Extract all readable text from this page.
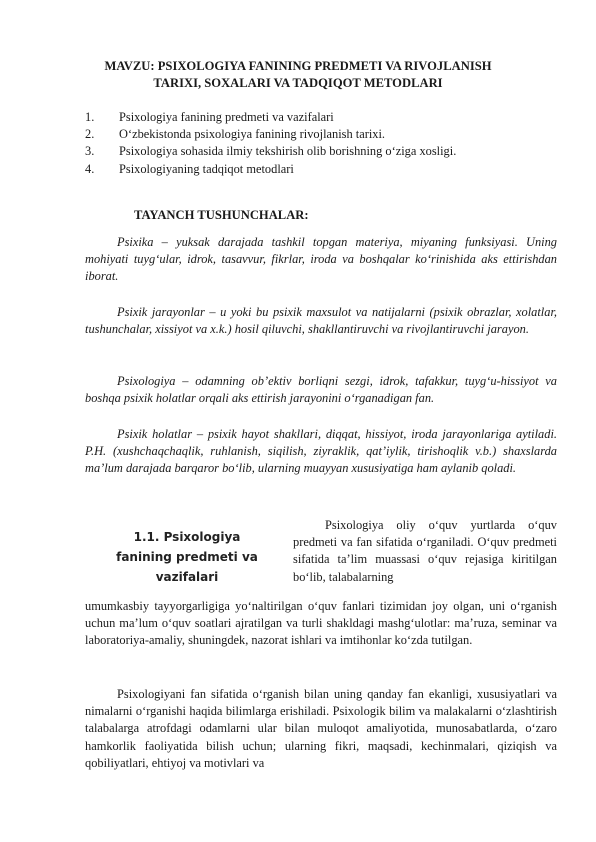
MAVZU: PSIXOLOGIYA FANINING PREDMETI VA RIVOJLANISH TARIXI, SOXALARI VA TADQIQOT METODLARI
1. Psixologiya fanining predmeti va vazifalari
2. O‘zbekistonda psixologiya fanining rivojlanish tarixi.
3. Psixologiya sohasida ilmiy tekshirish olib borishning o‘ziga xosligi.
4. Psixologiyaning tadqiqot metodlari
TAYANCH TUSHUNCHALAR:
Psixika – yuksak darajada tashkil topgan materiya, miyaning funksiyasi. Uning mohiyati tuyg‘ular, idrok, tasavvur, fikrlar, iroda va boshqalar ko‘rinishida aks ettirishdan iborat.
Psixik jarayonlar – u yoki bu psixik maxsulot va natijalarni (psixik obrazlar, xolatlar, tushunchalar, xissiyot va x.k.) hosil qiluvchi, shakllantiruvchi va rivojlantiruvchi jarayon.
Psixologiya – odamning ob’ektiv borliqni sezgi, idrok, tafakkur, tuyg‘u-hissiyot va boshqa psixik holatlar orqali aks ettirish jarayonini o‘rganadigan fan.
Psixik holatlar – psixik hayot shakllari, diqqat, hissiyot, iroda jarayonlariga aytiladi. P.H. (xushchaqchaqlik, ruhlanish, siqilish, ziyraklik, qat’iylik, tirishoqlik v.b.) shaxslarda ma’lum darajada barqaror bo‘lib, ularning muayyan xususiyatiga ham aylanib qoladi.
1.1. Psixologiya fanining predmeti va vazifalari
Psixologiya oliy o‘quv yurtlarda o‘quv predmeti va fan sifatida o‘rganiladi. O‘quv predmeti sifatida ta’lim muassasi o‘quv rejasiga kiritilgan bo‘lib, talabalarning
umumkasbiy tayyorgarligiga yo‘naltirilgan o‘quv fanlari tizimidan joy olgan, uni o‘rganish uchun ma’lum o‘quv soatlari ajratilgan va turli shakldagi mashg‘ulotlar: ma’ruza, seminar va laboratoriya-amaliy, shuningdek, nazorat ishlari va imtihonlar ko‘zda tutilgan.
Psixologiyani fan sifatida o‘rganish bilan uning qanday fan ekanligi, xususiyatlari va nimalarni o‘rganishi haqida bilimlarga erishiladi. Psixologik bilim va malakalarni o‘zlashtirish talabalarga atrofdagi odamlarni ular bilan muloqot amaliyotida, munosabatlarda, o‘zaro hamkorlik faoliyatida bilish uchun; ularning fikri, maqsadi, kechinmalari, qiziqish va qobiliyatlari, ehtiyoj va motivlari va
